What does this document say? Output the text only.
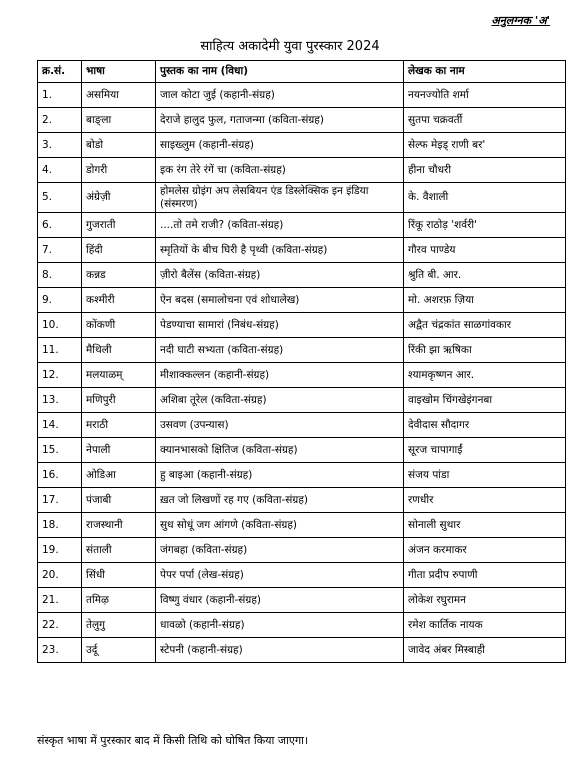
अनुलग्नक 'अ'
साहित्य अकादेमी युवा पुरस्कार 2024
क्र.सं.	भाषा	पुस्तक का नाम (विधा)	लेखक का नाम
1.	असमिया	जाल कोटा जुई (कहानी-संग्रह)	नयनज्योति शर्मा
2.	बाङ्ला	देराजे हालुद फुल, गताजन्मा (कविता-संग्रह)	सुतपा चक्रवर्ती
3.	बोडो	साइख्लुम (कहानी-संग्रह)	सेल्फ मेइड् राणी बर'
4.	डोगरी	इक रंग तेरे रंगें चा (कविता-संग्रह)	हीना चौधरी
5.	अंग्रेज़ी	होमलेस ग्रोइंग अप लेसबियन एंड डिस्लेक्सिक इन इंडिया (संस्मरण)	के. वैशाली
6.	गुजराती	....तो तमे राजी? (कविता-संग्रह)	रिंकू राठोड़ 'शर्वरी'
7.	हिंदी	स्मृतियों के बीच घिरी है पृथ्वी (कविता-संग्रह)	गौरव पाण्डेय
8.	कन्नड	ज़ीरो बैलेंस (कविता-संग्रह)	श्रुति बी. आर.
9.	कश्मीरी	ऐन बदस (समालोचना एवं शोधालेख)	मो. अशरफ़ ज़िया
10.	कोंकणी	पेडण्याचा सामारां (निबंध-संग्रह)	अद्वैत चंद्रकांत साळगांवकार
11.	मैथिली	नदी घाटी सभ्यता (कविता-संग्रह)	रिंकी झा ऋषिका
12.	मलयाळम्	मीशाक्कल्लन (कहानी-संग्रह)	श्यामकृष्णन आर.
13.	मणिपुरी	अशिबा तूरेल (कविता-संग्रह)	वाइखोम चिंगखेइंगनबा
14.	मराठी	उसवण (उपन्यास)	देवीदास सौदागर
15.	नेपाली	क्यानभासको क्षितिज (कविता-संग्रह)	सूरज चापागाईं
16.	ओडिआ	हु बाइआ (कहानी-संग्रह)	संजय पांडा
17.	पंजाबी	ख़त जो लिखणों रह गए (कविता-संग्रह)	रणधीर
18.	राजस्थानी	सुध सोधूं जग आंगणे (कविता-संग्रह)	सोनाली सुथार
19.	संताली	जंगबहा (कविता-संग्रह)	अंजन करमाकर
20.	सिंधी	पेपर पर्पा (लेख-संग्रह)	गीता प्रदीप रुपाणी
21.	तमिऴ	विष्णु वंधार (कहानी-संग्रह)	लोकेश रघुरामन
22.	तेलुगु	धावळो (कहानी-संग्रह)	रमेश कार्तिक नायक
23.	उर्दू	स्टेपनी (कहानी-संग्रह)	जावेद अंबर मिस्बाही
संस्कृत भाषा में पुरस्कार बाद में किसी तिथि को घोषित किया जाएगा।
